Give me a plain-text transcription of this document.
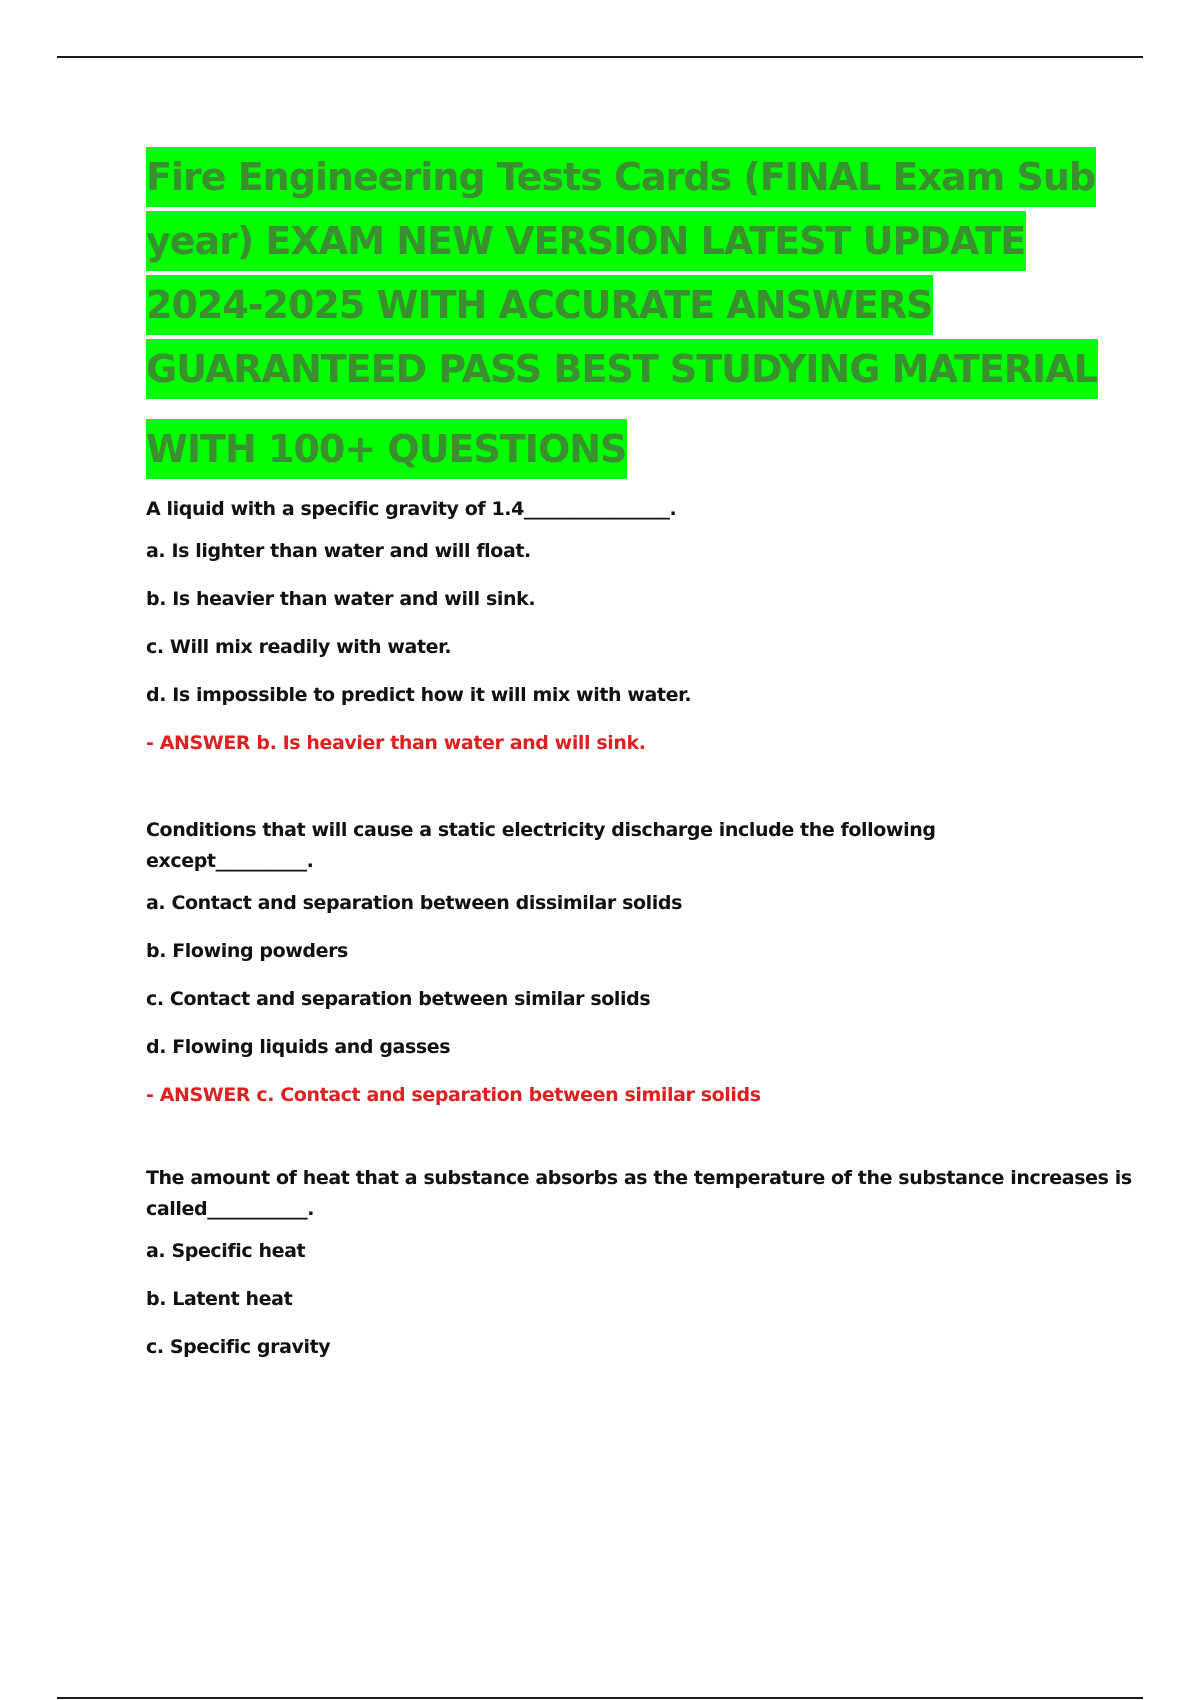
Fire Engineering Tests Cards (FINAL Exam Sub
year) EXAM NEW VERSION LATEST UPDATE
2024-2025 WITH ACCURATE ANSWERS
GUARANTEED PASS BEST STUDYING MATERIAL
WITH 100+ QUESTIONS

A liquid with a specific gravity of 1.4________________.

a. Is lighter than water and will float.

b. Is heavier than water and will sink.

c. Will mix readily with water.

d. Is impossible to predict how it will mix with water.

- ANSWER b. Is heavier than water and will sink.

Conditions that will cause a static electricity discharge include the following

except__________.

a. Contact and separation between dissimilar solids

b. Flowing powders

c. Contact and separation between similar solids

d. Flowing liquids and gasses

- ANSWER c. Contact and separation between similar solids

The amount of heat that a substance absorbs as the temperature of the substance increases is

called___________.

a. Specific heat

b. Latent heat

c. Specific gravity
